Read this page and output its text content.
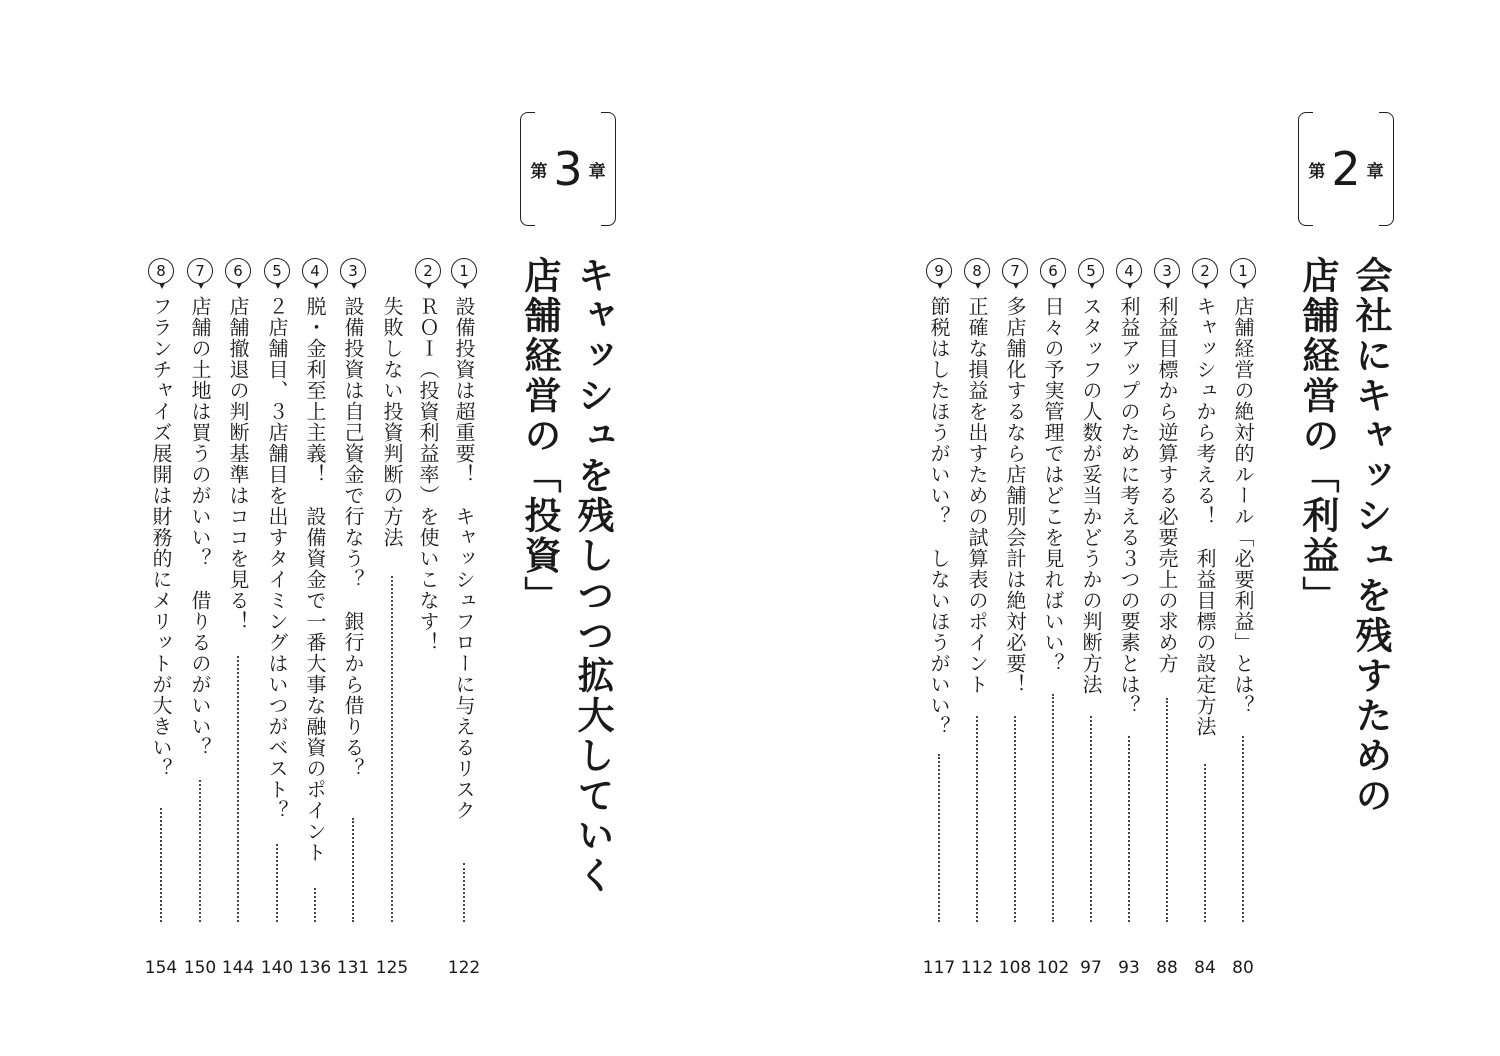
第 3 章
キャッシュを残しつつ拡大していく
店舗経営の「投資」
1
設備投資は超重要！　キャッシュフローに与えるリスク
122
失敗しない投資判断の方法
125
2
ＲＯＩ（投資利益率）を使いこなす！
3
設備投資は自己資金で行なう？　銀行から借りる？
131
4
脱・金利至上主義！　設備資金で一番大事な融資のポイント
136
5
２店舗目、３店舗目を出すタイミングはいつがベスト？
140
6
店舗撤退の判断基準はココを見る！
144
7
店舗の土地は買うのがいい？　借りるのがいい？
150
8
フランチャイズ展開は財務的にメリットが大きい？
154
第 2 章
会社にキャッシュを残すための
店舗経営の「利益」
1
店舗経営の絶対的ルール「必要利益」とは？
80
2
キャッシュから考える！　利益目標の設定方法
84
3
利益目標から逆算する必要売上の求め方
88
4
利益アップのために考える３つの要素とは？
93
5
スタッフの人数が妥当かどうかの判断方法
97
6
日々の予実管理ではどこを見ればいい？
102
7
多店舗化するなら店舗別会計は絶対必要！
108
8
正確な損益を出すための試算表のポイント
112
9
節税はしたほうがいい？　しないほうがいい？
117
